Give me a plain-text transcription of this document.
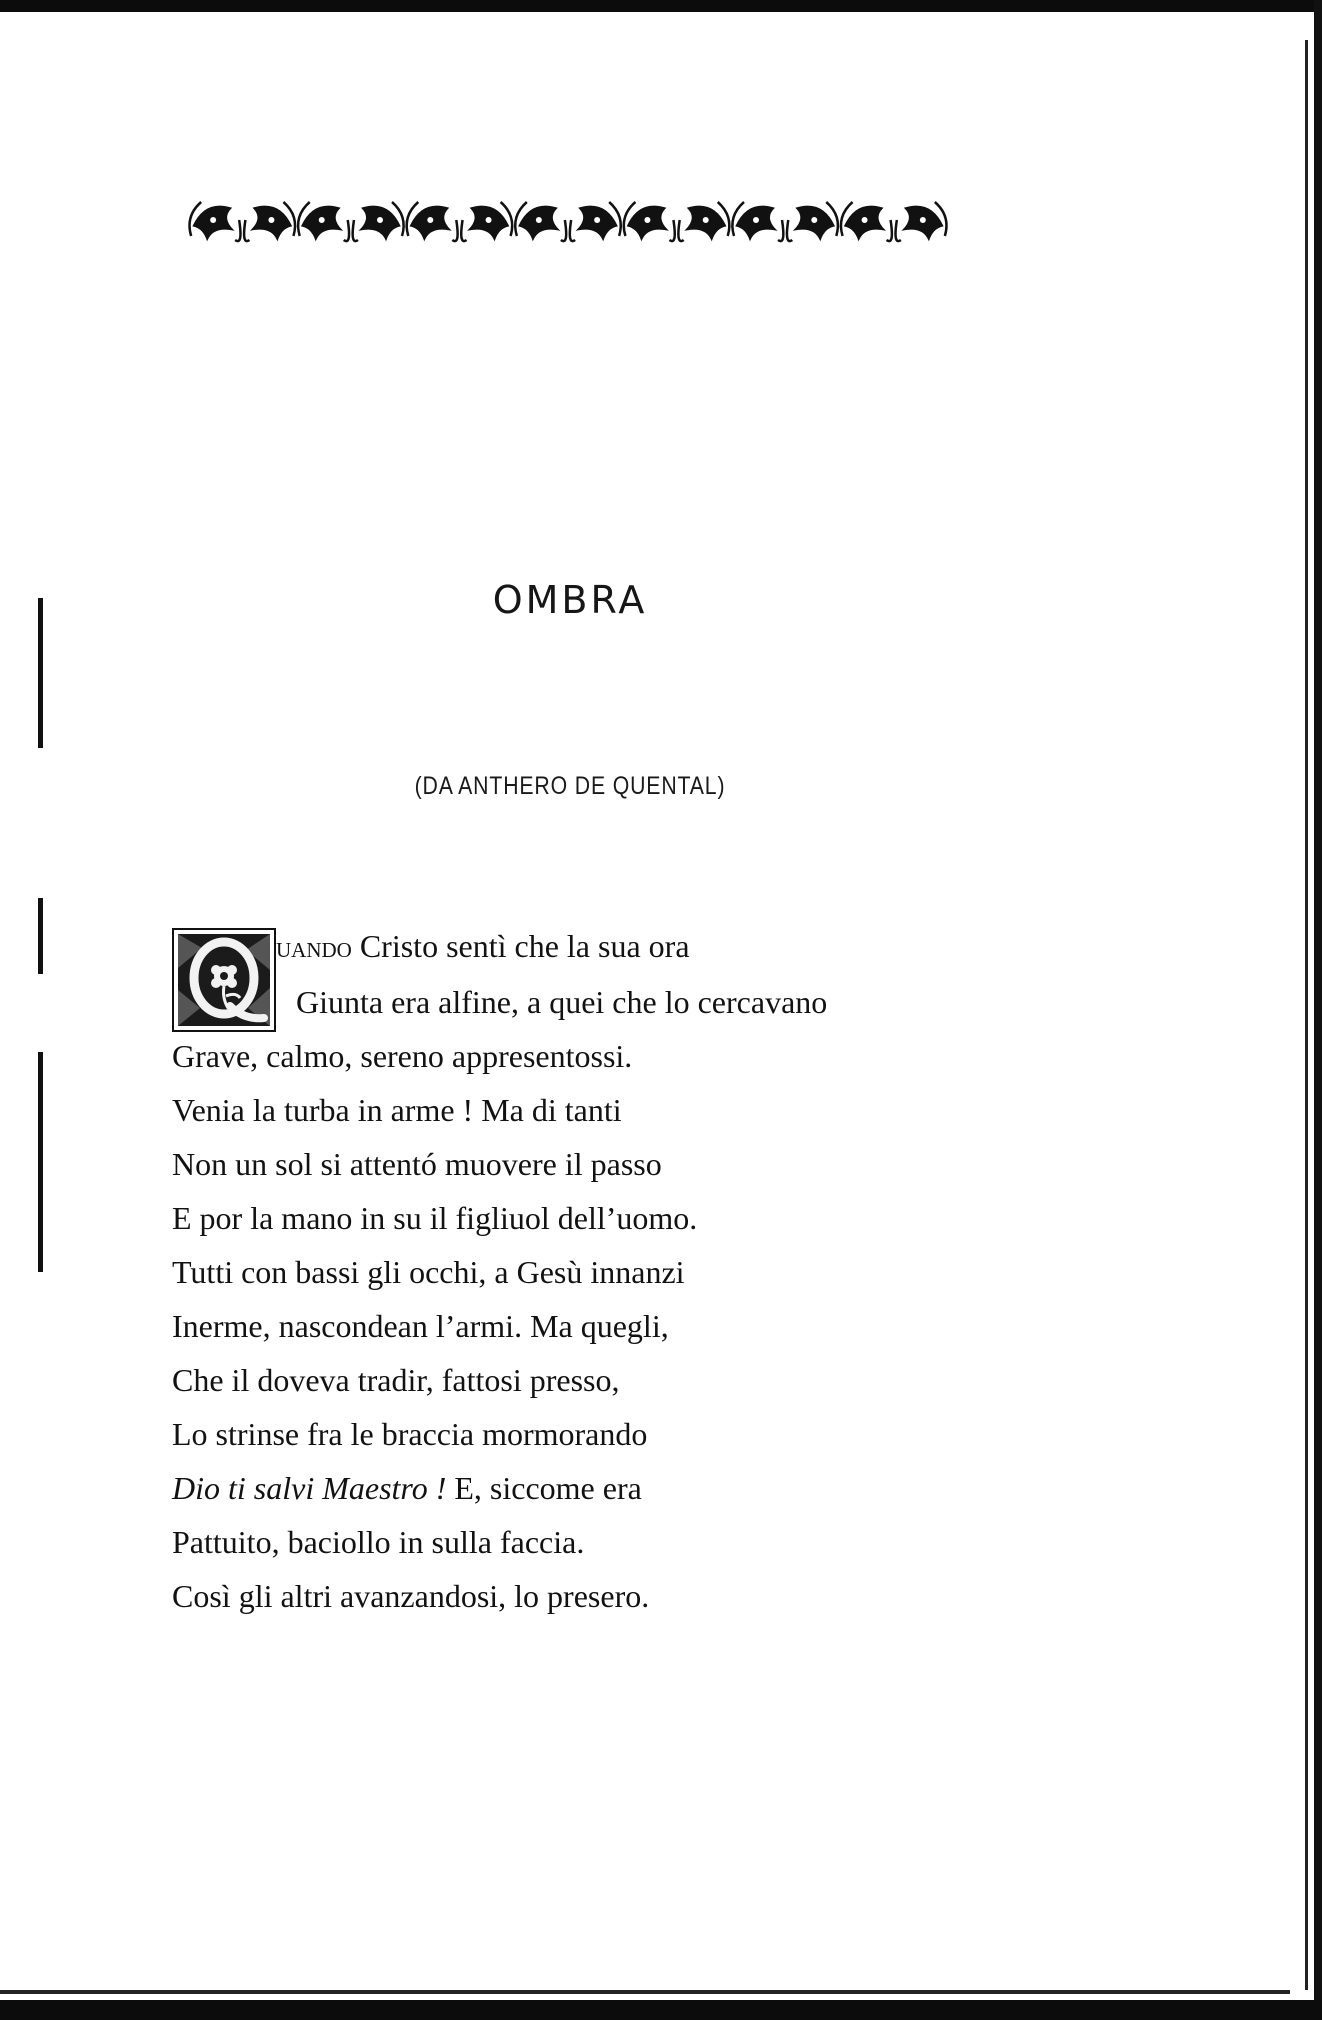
OMBRA
(DA ANTHERO DE QUENTAL)
uando Cristo sentì che la sua ora
Giunta era alfine, a quei che lo cercavano
Grave, calmo, sereno appresentossi.
Venia la turba in arme ! Ma di tanti
Non un sol si attentó muovere il passo
E por la mano in su il figliuol dell’uomo.
Tutti con bassi gli occhi, a Gesù innanzi
Inerme, nascondean l’armi. Ma quegli,
Che il doveva tradir, fattosi presso,
Lo strinse fra le braccia mormorando
Dio ti salvi Maestro ! E, siccome era
Pattuito, baciollo in sulla faccia.
Così gli altri avanzandosi, lo presero.
